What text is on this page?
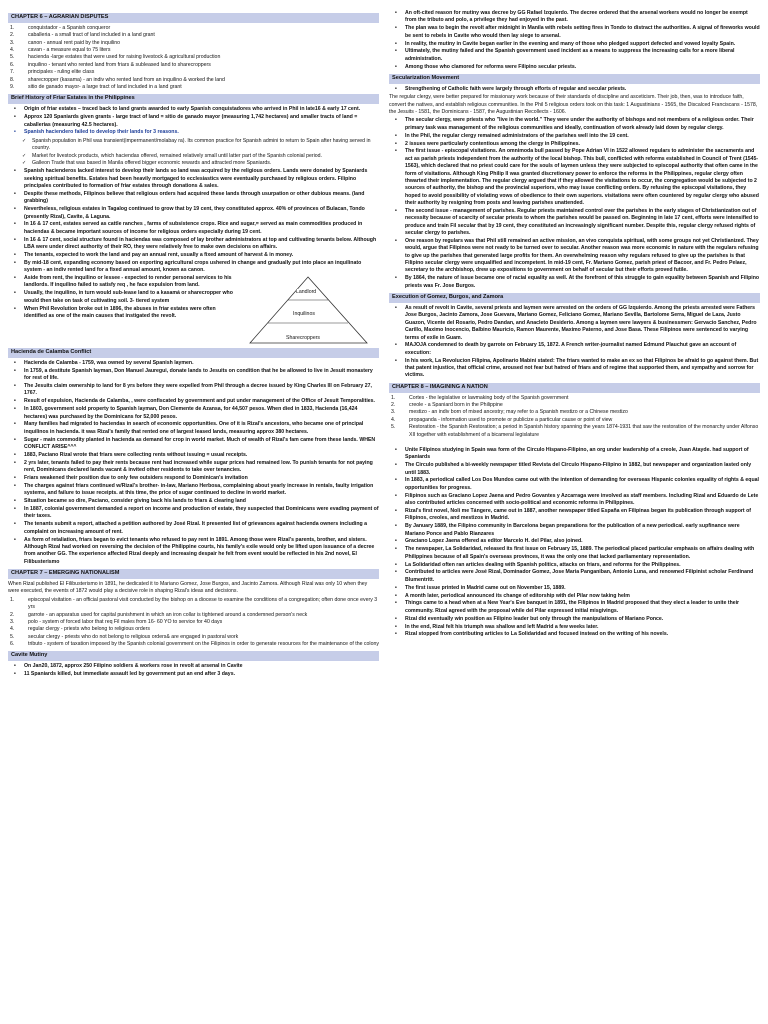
CHAPTER 6 – AGRARIAN DISPUTES
1.	conquistador - a Spanish conqueror
2.	caballeria - a small tract of land included in a land grant
3.	canon - annual rent paid by the inquilino
4.	cavan - a measure equal to 75 liters
5.	hacienda -large estates that were used for raising livestock & agricultural production
6.	inquilino - tenant who rented land from friars & subleased land to sharecroppers
7.	principales - ruling elite class
8.	sharecropper (kasama) - an indiv who rented land from an inquilino & worked the land
9.	sitio de ganado mayor- a large tract of land included in a land grant
Brief History of Friar Estates in the Philippines
• Origin of friar estates – traced back to land grants awarded to early Spanish conquistadores who arrived in Phil in late16 & early 17 cent.
• Approx 120 Spaniards given grants - large tract of land = sitio de ganado mayor (measuring 1,742 hectares) and smaller tracts of land = caballerias (measuring 42.5 hectares).
• Spanish haciendero failed to develop their lands for 3 reasons.
✓ Spanish population in Phil was transient(impermanent/molabay ra). Its common practice for Spanish admini to return to Spain after having served in country.
✓ Market for livestock products, which haciendas offered, remained relatively small until latter part of the Spanish colonial period.
✓ Galleon Trade that was based in Manila offered bigger economic rewards and attracted more Spaniards.
• Spanish hacienderos lacked interest to develop their lands so land was acquired by the religious orders. Lands were donated by Spaniards seeking spiritual benefits. Estates had been heavily mortgaged to ecclesiastics were eventually purchased by religious orders. Filipino principales contributed to formation of friar estates through donations & sales.
• Despite these methods, Filipinos believe that religious orders had acquired these lands through usurpation or other dubious means. (land grabbing)
• Nevertheless, religious estates in Tagalog continued to grow that by 19 cent, they constituted approx. 40% of provinces of Bulacan, Tondo (presently Rizal), Cavite, & Laguna.
• In 16 & 17 cent, estates served as cattle ranches , farms of subsistence crops. Rice and sugar,= served as main commodities produced in haciendas & became important sources of income for religious orders especially during 19 cent.
• In 16 & 17 cent, social structure found in haciendas was composed of lay brother administrators at top and cultivating tenants below. Although LBA were under direct authority of their RO, they were relatively free to make own decisions on affairs.
• The tenants, expected to work the land and pay an annual rent, usually a fixed amount of harvest & in money.
• By mid-18 cent, expanding economy based on exporting agricultural crops ushered in change and gradually put into place an inquilinato system - an indiv rented land for a fixed annual amount, known as canon.
• Aside from rent, the inquilino or lessee - expected to render personal services to his landlords. If inquilino failed to satisfy req , he face expulsion from land.
• Usually, the inquilino, in turn would sub-lease land to a kasamá or sharecropper who would then take on task of cultivating soil. 3- tiered system
• When Phil Revolution broke out in 1896, the abuses in friar estates were often identified as one of the main causes that instigated the revolt.
Landlord
Inquilinos
Sharecroppers
Hacienda de Calamba Conflict
• Hacienda de Calamba - 1759, was owned by several Spanish laymen.
• In 1759, a destitute Spanish layman, Don Manuel Jauregui, donate lands to Jesuits on condition that he be allowed to live in Jesuit monastery for rest of life.
• The Jesuits claim ownership to land for 8 yrs before they were expelled from Phil through a decree issued by King Charles III on February 27, 1767.
• Result of expulsion, Hacienda de Calamba, , were confiscated by government and put under management of the Office of Jesuit Temporalities.
• In 1803, government sold property to Spanish layman, Don Clemente de Azansa, for 44,507 pesos. When died in 1833, Hacienda (16,424 hectares) was purchased by the Dominicans for 52,000 pesos.
• Many families had migrated to haciendas in search of economic opportunities. One of it is Rizal's ancestors, who became one of principal inquilinos in hacienda. it was Rizal's family that rented one of largest leased lands, measuring approx 380 hectares.
• Sugar - main commodity planted in hacienda as demand for crop in world market. Much of wealth of Rizal's fam came from these lands. WHEN CONFLICT ARISE^^^
• 1883, Paciano Rizal wrote that friars were collecting rents without issuing = usual receipts.
• 2 yrs later, tenants failed to pay their rents because rent had increased while sugar prices had remained low. To punish tenants for not paying rent, Dominicans declared lands vacant & invited other residents to take over tenancies.
• Friars weakened their position due to only few outsiders respond to Dominican's invitation
• The charges against friars continued w/Rizal's brother- in-law, Mariano Herbosa, complaining about yearly increase in rentals, faulty irrigation systems, and failure to issue receipts. at this time, the price of sugar continued to decline in world market.
• Situation became so dire, Paciano, consider giving back his lands to friars & clearing land
• In 1887, colonial government demanded a report on income and production of estate, they suspected that Dominicans were evading payment of their taxes.
• The tenants submit a report, attached a petition authored by José Rizal. It presented list of grievances against hacienda owners including a complaint on increasing amount of rent.
• As form of retaliation, friars began to evict tenants who refused to pay rent in 1891. Among those were Rizal's parents, brother, and sisters. Although Rizal had worked on reversing the decision of the Philippine courts, his family's exile would only be lifted upon issuance of a decree from another GG. The experience affected Rizal deeply and increasing despair he felt from event would be reflected in his 2nd novel, El Filibusterismo
CHAPTER 7 – EMERGING NATIONALISM

When Rizal published El Filibusterismo in 1891, he dedicated it to Mariano Gomez, Jose Burgos, and Jacinto Zamora. Although Rizal was only 10 when they were executed, the events of 1872 would play a decisive role in shaping Rizal's ideas and decisions.

1.	episcopal visitation - an official pastoral visit conducted by the bishop on a diocese to examine the conditions of a congregation; often done once every 3 yrs
2.	garrote - an apparatus used for capital punishment in which an iron collar is tightened around a condemned person's neck
3.	polo - system of forced labor that req Fil males from 16- 60 YO to service for 40 days
4.	regular clergy - priests who belong to religious orders
5.	secular clergy - priests who do not belong to religious orders& are engaged in pastoral work
6.	tributo - system of taxation imposed by the Spanish colonial government on the Filipinos in order to generate resources for the maintenance of the colony
Cavite Mutiny
• On Jan20, 1872, approx 250 Filipino soldiers & workers rose in revolt at arsenal in Cavite
• 11 Spaniards killed, but immediate assault led by government put an end after 3 days.
• An oft-cited reason for mutiny was decree by GG Rafael Izquierdo. The decree ordered that the arsenal workers would no longer be exempt from the tributo and polo, a privilege they had enjoyed in the past.
• The plan was to begin the revolt after midnight in Manila with rebels setting fires in Tondo to distract the authorities. A signal of fireworks would be sent to rebels in Cavite who would then lay siege to arsenal.
• In reality, the mutiny in Cavite began earlier in the evening and many of those who pledged support defected and vowed loyalty Spain.
• Ultimately, the mutiny failed and the Spanish government used incident as a means to suppress the increasing calls for a more liberal administration.
• Among those who clamored for reforms were Filipino secular priests.
Secularization Movement
• Strengthening of Catholic faith were largely through efforts of regular and secular priests.

The regular clergy, were better prepared for missionary work because of their standards of discipline and asceticism. Their job, then, was to introduce faith, convert the natives, and establish religious communities. In the Phil 5 religious orders took on this task: 1 Augustinians - 1565, the Discalced Franciscans - 1578, the Jesuits - 1581, the Dominicans - 1587, the Augustinian Recollects - 1606.

• The secular clergy, were priests who "live in the world." They were under the authority of bishops and not members of a religious order. Their primary task was management of the religious communities and ideally, continuation of work already laid down by regular clergy.
• In the Phil, the regular clergy remained administrators of the parishes well into the 19 cent.
• 2 issues were particularly contentious among the clergy in Philippines.
• The first issue - episcopal visitations. An omnimoda bull passed by Pope Adrian VI in 1522 allowed regulars to administer the sacraments and act as parish priests independent from the authority of the local bishop. This bull, conflicted with reforms established in Council of Trent (1545-1563), which declared that no priest could care for the souls of laymen unless they were subjected to episcopal authority that often came in the form of visitations. Although King Philip II was granted discretionary power to enforce the reforms in the Philippines, regular clergy often thwarted their implementation. The regular clergy argued that if they allowed the visitations to occur, the congregation would be subjected to 2 sources of authority, the bishop and the provincial superiors, who may issue conflicting orders. By refusing the episcopal visitations, they hoped to avoid possibility of violating vows of obedience to their own superiors. visitations were often countered by regular clergy who abused their authority by resigning from posts and leaving parishes unattended.
• The second issue - management of parishes. Regular priests maintained control over the parishes in the early stages of Christianization out of necessity because of scarcity of secular priests to whom the parishes would be passed on. Beginning in late 17 cent, efforts were intensified to produce and train Fil secular that by 19 cent, they constituted an increasingly significant number. Despite this, regular clergy refused rights of secular clergy to parishes.
• One reason by regulars was that Phil still remained an active mission, an vivo conquista spiritual, with some groups not yet Christianized. They would, argue that Filipinos were not ready to be turned over to secular. Another reason was more economic in nature with the regulars refusing to give up the parishes that generated large profits for them. An overwhelming reason why regulars refused to give up the parishes is that Filipino secular clergy were unqualified and incompetent. In mid-19 cent, Fr. Mariano Gomez, parish priest of Bacoor, and Fr. Pedro Pelaez, secretary to the archbishop, drew up expositions to government on behalf of secular but their efforts proved futile.
• By 1864, the nature of issue became one of racial equality as well. At the forefront of this struggle to gain equality between Spanish and Filipino priests was Fr. Jose Burgos.
Execution of Gomez, Burgos, and Zamora
• As result of revolt in Cavite, several priests and laymen were arrested on the orders of GG Izquierdo. Among the priests arrested were Fathers Jose Burgos, Jacinto Zamora, Jose Guevara, Mariano Gomez, Feliciano Gomez, Mariano Sevilla, Bartolome Serra, Miguel de Laza, Justo Guazon, Vicente del Rosario, Pedro Dandan, and Anacleto Desiderio. Among a laymen were lawyers & businessmen: Gervacio Sanchez, Pedro Carillo, Maximo Inocencio, Balbino Mauricio, Ramon Maurente, Maximo Paterno, and Jose Basa. These Filipinos were sentenced to varying terms of exile in Guam.
• MAJOJA condemned to death by garrote on February 15, 1872. A French writer-journalist named Edmund Plauchut gave an account of execution:
• In his work, La Revolucion Filipina, Apolinario Mabini stated: The friars wanted to make an ex so that Filipinos be afraid to go against them. But that patent injustice, that official crime, aroused not fear but hatred of friars and of regime that supported them, and sympathy and sorrow for victims.
CHAPTER 8 – IMAGINING A NATION
1.	Cortes - the legislative or lawmaking body of the Spanish government
2.	creole - a Spaniard born in the Philippine
3.	mestizo - an indiv born of mixed ancestry; may refer to a Spanish mestizo or a Chinese mestizo
4.	propaganda - information used to promote or publicize a particular cause or point of view
5.	Restoration - the Spanish Restoration; a period in Spanish history spanning the years 1874-1931 that saw the restoration of the monarchy under Alfonso XII together with establishment of a bicameral legislature
• Unite Filipinos studying in Spain was form of the Circulo Hispano-Filipino, an org under leadership of a creole, Juan Atayde. had support of Spaniards
• The Circulo published a bi-weekly newspaper titled Revista del Circulo Hispano-Filipino in 1882, but newspaper and organization lasted only until 1883.
• In 1883, a periodical called Los Dos Mundos came out with the intention of demanding for overseas Hispanic colonies equality of rights & equal opportunities for progress.
• Filipinos such as Graciano Lopez Jaena and Pedro Govantes y Azcarraga were involved as staff members. Including Rizal and Eduardo de Lete also contributed articles concerned with socio-political and economic reforms in Philippines.
• Rizal's first novel, Noli me Tángere, came out in 1887, another newspaper titled España en Filipinas began its publication through support of Filipinos, creoles, and mestizos in Madrid.
• By January 1889, the Filipino community in Barcelona began preparations for the publication of a new periodical. early supfinance were Mariano Ponce and Pablo Rianzares
• Graciano Lopez Jaena offered as editor Marcelo H. del Pilar, also joined.
• The newspaper, La Solidaridad, released its first issue on February 15, 1889. The periodical placed particular emphasis on affairs dealing with Philippines because of all Spain's overseas provinces, it was the only one that lacked parliamentary representation.
• La Solidaridad often ran articles dealing with Spanish politics, attacks on friars, and reforms for the Philippines.
• Contributed to articles were José Rizal, Dominador Gomez, Jose Maria Panganiban, Antonio Luna, and renowned Filipinist scholar Ferdinand Blumentritt.
• The first issue printed in Madrid came out on November 15, 1889.
• A month later, periodical announced its change of editorship with del Pilar now taking helm
• Things came to a head when at a New Year's Eve banquet in 1891, the Filipinos in Madrid proposed that they elect a leader to unite their community. Rizal agreed with the proposal while del Pilar expressed initial misgivings.
• Rizal did eventually win position as Filipino leader but only through the manipulations of Mariano Ponce.
• In the end, Rizal felt his triumph was shallow and left Madrid a few weeks later.
• Rizal stopped from contributing articles to La Solidaridad and focused instead on the writing of his novels.
